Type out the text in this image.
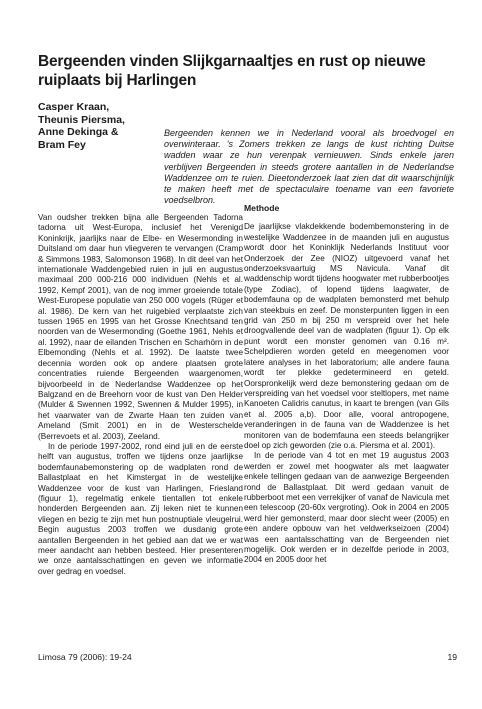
Bergeenden vinden Slijkgarnaaltjes en rust op nieuwe ruiplaats bij Harlingen
Casper Kraan,
Theunis Piersma,
Anne Dekinga &
Bram Fey
Bergeenden kennen we in Nederland vooral als broedvogel en overwinteraar. 's Zomers trekken ze langs de kust richting Duitse wadden waar ze hun verenpak vernieuwen. Sinds enkele jaren verblijven Bergeenden in steeds grotere aantallen in de Nederlandse Waddenzee om te ruien. Dieetonderzoek laat zien dat dit waarschijnlijk te maken heeft met de spectaculaire toename van een favoriete voedselbron.

Van oudsher trekken bijna alle Bergeenden Tadorna tadorna uit West-Europa, inclusief het Verenigd Koninkrijk, jaarlijks naar de Elbe- en Wesermonding in Duitsland om daar hun vliegveren te vervangen (Cramp & Simmons 1983, Salomonson 1968). In dit deel van het internationale Waddengebied ruien in juli en augustus maximaal 200 000-216 000 individuen (Nehls et al. 1992, Kempf 2001), van de nog immer groeiende totale West-Europese populatie van 250 000 vogels (Rüger et al. 1986). De kern van het ruigebied verplaatste zich tussen 1965 en 1995 van het Grosse Knechtsand ten noorden van de Wesermonding (Goethe 1961, Nehls et al. 1992), naar de eilanden Trischen en Scharhörn in de Elbemonding (Nehls et al. 1992). De laatste twee decennia worden ook op andere plaatsen grote concentraties ruiende Bergeenden waargenomen, bijvoorbeeld in de Nederlandse Waddenzee op het Balgzand en de Breehorn voor de kust van Den Helder (Mulder & Swennen 1992, Swennen & Mulder 1995), in het vaarwater van de Zwarte Haan ten zuiden van Ameland (Smit 2001) en in de Westerschelde (Berrevoets et al. 2003), Zeeland.

In de periode 1997-2002, rond eind juli en de eerste helft van augustus, troffen we tijdens onze jaarlijkse bodemfaunabemonstering op de wadplaten rond de Ballastplaat en het Kimstergat in de westelijke Waddenzee voor de kust van Harlingen, Friesland (figuur 1), regelmatig enkele tientallen tot enkele honderden Bergeenden aan. Zij leken niet te kunnen vliegen en bezig te zijn met hun postnuptiale vleugelrui. Begin augustus 2003 troffen we dusdanig grote aantallen Bergeenden in het gebied aan dat we er wat meer aandacht aan hebben besteed. Hier presenteren we onze aantalsschattingen en geven we informatie over gedrag en voedsel.

Methode

De jaarlijkse vlakdekkende bodembemonstering in de westelijke Waddenzee in de maanden juli en augustus wordt door het Koninklijk Nederlands Instituut voor Onderzoek der Zee (NIOZ) uitgevoerd vanaf het onderzoeksvaartuig MS Navicula. Vanaf dit waddenschip wordt tijdens hoogwater met rubberbootjes (type Zodiac), of lopend tijdens laagwater, de bodemfauna op de wadplaten bemonsterd met behulp van steekbuis en zeef. De monsterpunten liggen in een grid van 250 m bij 250 m verspreid over het hele droogvallende deel van de wadplaten (figuur 1). Op elk punt wordt een monster genomen van 0.16 m². Schelpdieren worden geteld en meegenomen voor latere analyses in het laboratorium; alle andere fauna wordt ter plekke gedetermineerd en geteld. Oorspronkelijk werd deze bemonstering gedaan om de verspreiding van het voedsel voor steltlopers, met name Kanoeten Calidris canutus, in kaart te brengen (van Gils et al. 2005 a,b). Door alle, vooral antropogene, veranderingen in de fauna van de Waddenzee is het monitoren van de bodemfauna een steeds belangrijker doel op zich geworden (zie o.a. Piersma et al. 2001).

In de periode van 4 tot en met 19 augustus 2003 werden er zowel met hoogwater als met laagwater enkele tellingen gedaan van de aanwezige Bergeenden rond de Ballastplaat. Dit werd gedaan vanuit de rubberboot met een verrekijker of vanaf de Navicula met een telescoop (20-60x vergroting). Ook in 2004 en 2005 werd hier gemonsterd, maar door slecht weer (2005) en een andere opbouw van het veldwerkseizoen (2004) was een aantalsschatting van de Bergeenden niet mogelijk. Ook werden er in dezelfde periode in 2003, 2004 en 2005 door het

Limosa 79 (2006): 19-24	19
